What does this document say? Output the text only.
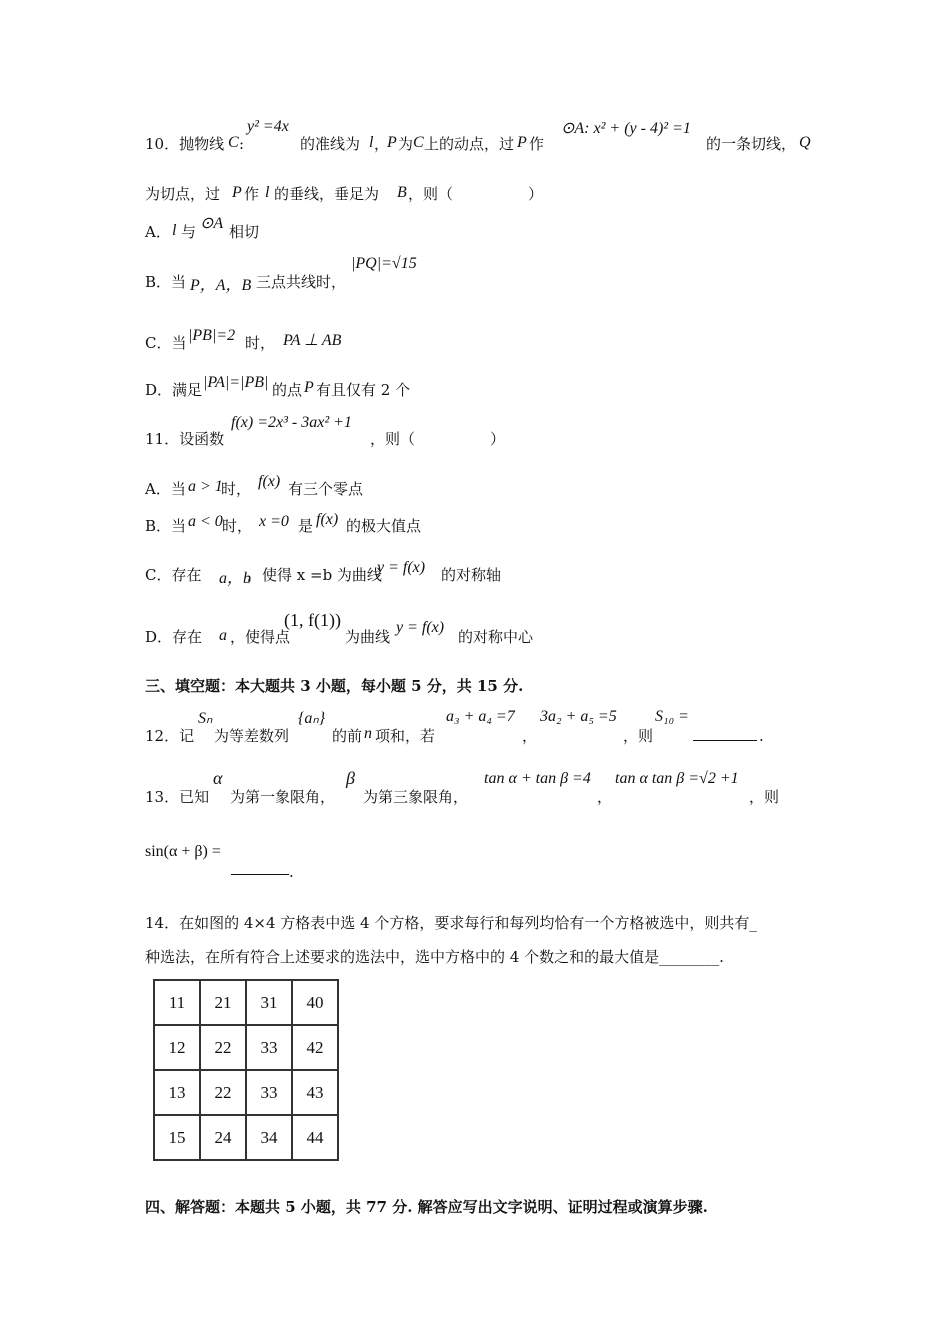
10．抛物线 C :
y² =4x
的准线为 l ，
P 为 C 上的动点，过 P 作
⊙A: x² + (y - 4)² =1
的一条切线， Q
为切点，过 P 作 l 的垂线，垂足为 B ，则（　　　　　）
A． l 与 ⊙A 相切
B．当 P，A，B 三点共线时，
|PQ|=√15
C．当 |PB|=2 时， PA ⊥ AB
D．满足 |PA|=|PB| 的点 P 有且仅有 2 个
11．设函数
f(x) =2x³ - 3ax² +1
，则（　　　　　）
A．当 a > 1
时， f(x) 有三个零点
B．当 a < 0 时， x =0 是 f(x) 的极大值点
C．存在 a，b
，使得 x =b 为曲线
y = f(x) 的对称轴
D．存在 a ，使得点
(1, f(1))
为曲线
y = f(x)
的对称中心
三、填空题：本大题共 3 小题，每小题 5 分，共 15 分.
12．记
Sₙ
为等差数列
{aₙ}
的前 n 项和，若
a₃ + a₄ =7
，
3a₂ + a₅ =5
，则
S₁₀ =
.
13．已知
α
为第一象限角，
β
为第三象限角，
tan α + tan β =4
，
tan α tan β =√2 +1
，则
sin(α + β) =
.
14．在如图的 4×4 方格表中选 4 个方格，要求每行和每列均恰有一个方格被选中，则共有_
种选法，在所有符合上述要求的选法中，选中方格中的 4 个数之和的最大值是________.
11	21	31	40
12	22	33	42
13	22	33	43
15	24	34	44
四、解答题：本题共 5 小题，共 77 分. 解答应写出文字说明、证明过程或演算步骤.
